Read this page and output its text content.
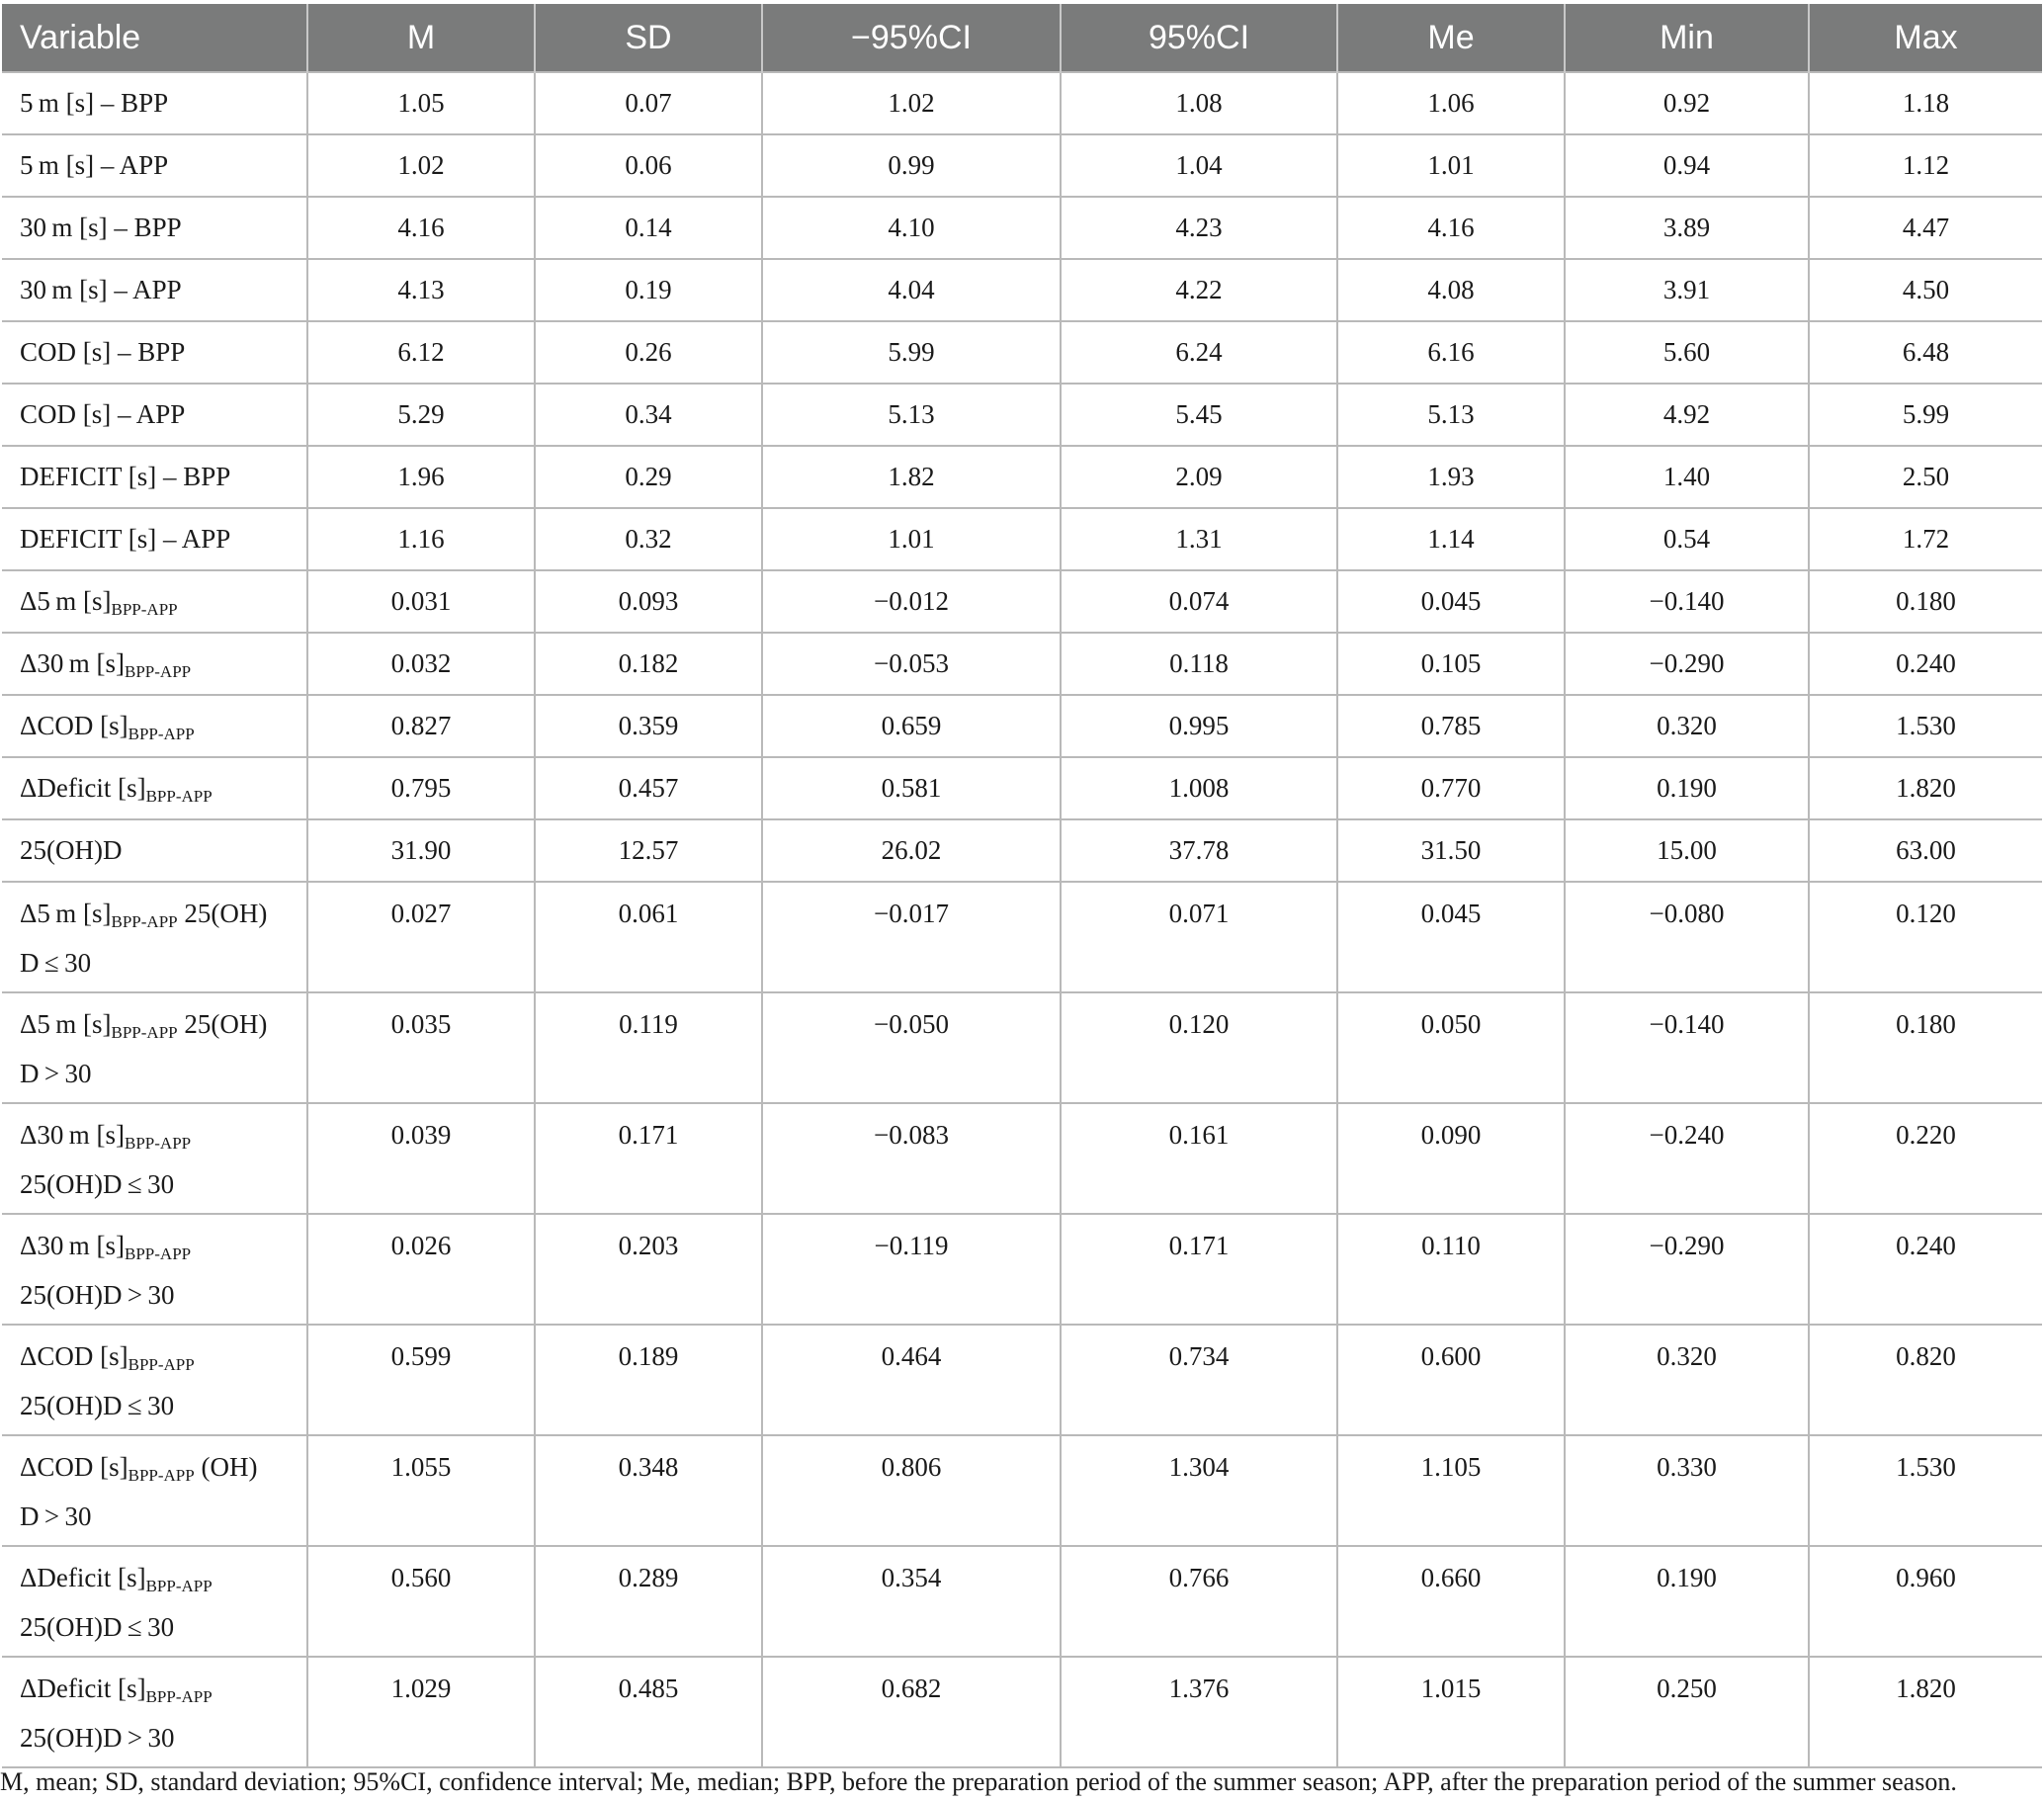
Variable	M	SD	−95%CI	95%CI	Me	Min	Max
5 m [s] – BPP	1.05	0.07	1.02	1.08	1.06	0.92	1.18
5 m [s] – APP	1.02	0.06	0.99	1.04	1.01	0.94	1.12
30 m [s] – BPP	4.16	0.14	4.10	4.23	4.16	3.89	4.47
30 m [s] – APP	4.13	0.19	4.04	4.22	4.08	3.91	4.50
COD [s] – BPP	6.12	0.26	5.99	6.24	6.16	5.60	6.48
COD [s] – APP	5.29	0.34	5.13	5.45	5.13	4.92	5.99
DEFICIT [s] – BPP	1.96	0.29	1.82	2.09	1.93	1.40	2.50
DEFICIT [s] – APP	1.16	0.32	1.01	1.31	1.14	0.54	1.72
Δ5 m $[s]_{BPP-APP}$	0.031	0.093	−0.012	0.074	0.045	−0.140	0.180
Δ30 m $[s]_{BPP-APP}$	0.032	0.182	−0.053	0.118	0.105	−0.290	0.240
ΔCOD $[s]_{BPP-APP}$	0.827	0.359	0.659	0.995	0.785	0.320	1.530
ΔDeficit $[s]_{BPP-APP}$	0.795	0.457	0.581	1.008	0.770	0.190	1.820
25(OH)D	31.90	12.57	26.02	37.78	31.50	15.00	63.00

Δ5 m $[s]_{BPP-APP}$ 25(OH)
D ≤ 30	0.027	0.061	−0.017	0.071	0.045	−0.080	0.120

Δ5 m $[s]_{BPP-APP}$ 25(OH)
D > 30	0.035	0.119	−0.050	0.120	0.050	−0.140	0.180

Δ30 m $[s]_{BPP-APP}$
25(OH)D ≤ 30	0.039	0.171	−0.083	0.161	0.090	−0.240	0.220

Δ30 m $[s]_{BPP-APP}$
25(OH)D > 30	0.026	0.203	−0.119	0.171	0.110	−0.290	0.240

ΔCOD $[s]_{BPP-APP}$
25(OH)D ≤ 30	0.599	0.189	0.464	0.734	0.600	0.320	0.820

ΔCOD $[s]_{BPP-APP}$ (OH)
D > 30	1.055	0.348	0.806	1.304	1.105	0.330	1.530

ΔDeficit $[s]_{BPP-APP}$
25(OH)D ≤ 30	0.560	0.289	0.354	0.766	0.660	0.190	0.960

ΔDeficit $[s]_{BPP-APP}$
25(OH)D > 30	1.029	0.485	0.682	1.376	1.015	0.250	1.820
M, mean; SD, standard deviation; 95%CI, confidence interval; Me, median; BPP, before the preparation period of the summer season; APP, after the preparation period of the summer season.
